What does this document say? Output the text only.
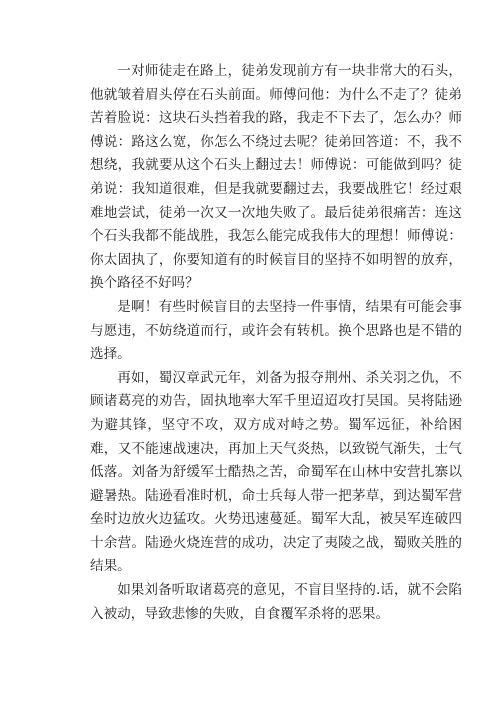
一对师徒走在路上，徒弟发现前方有一块非常大的石头，他就皱着眉头停在石头前面。师傅问他：为什么不走了？徒弟苦着脸说：这块石头挡着我的路，我走不下去了，怎么办？师傅说：路这么宽，你怎么不绕过去呢？徒弟回答道：不，我不想绕，我就要从这个石头上翻过去！师傅说：可能做到吗？徒弟说：我知道很难，但是我就要翻过去，我要战胜它！经过艰难地尝试，徒弟一次又一次地失败了。最后徒弟很痛苦：连这个石头我都不能战胜，我怎么能完成我伟大的理想！师傅说：你太固执了，你要知道有的时候盲目的坚持不如明智的放弃，换个路径不好吗？

是啊！有些时候盲目的去坚持一件事情，结果有可能会事与愿违，不妨绕道而行，或许会有转机。换个思路也是不错的选择。

再如，蜀汉章武元年，刘备为报夺荆州、杀关羽之仇，不顾诸葛亮的劝告，固执地率大军千里迢迢攻打吴国。吴将陆逊为避其锋，坚守不攻，双方成对峙之势。蜀军远征，补给困难，又不能速战速决，再加上天气炎热，以致锐气渐失，士气低落。刘备为舒缓军士酷热之苦，命蜀军在山林中安营扎寨以避暑热。陆逊看准时机，命士兵每人带一把茅草，到达蜀军营垒时边放火边猛攻。火势迅速蔓延。蜀军大乱，被吴军连破四十余营。陆逊火烧连营的成功，决定了夷陵之战，蜀败关胜的结果。

如果刘备听取诸葛亮的意见，不盲目坚持的.话，就不会陷入被动，导致悲惨的失败，自食覆军杀将的恶果。
